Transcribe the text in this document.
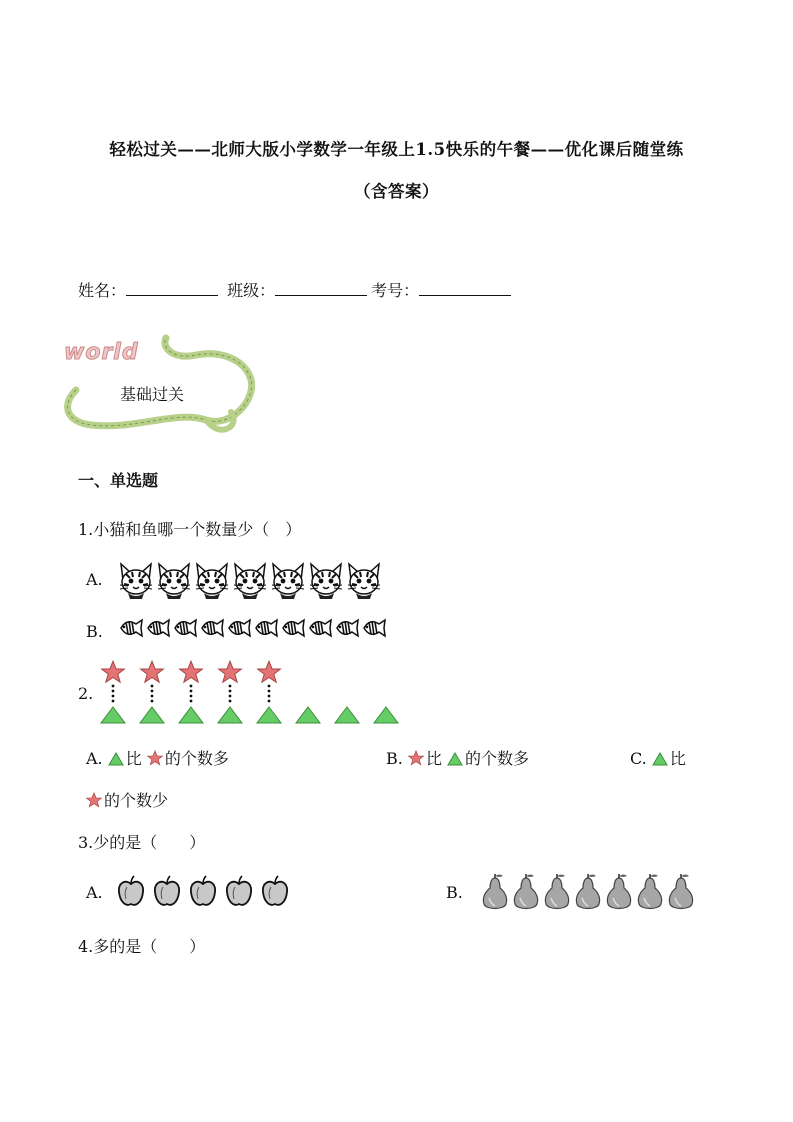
轻松过关——北师大版小学数学一年级上1.5快乐的午餐——优化课后随堂练
（含答案）
姓名：	班级：	考号：
world
基础过关
一、单选题
1.小猫和鱼哪一个数量少（　）
A.
B.
2.
A. 比 的个数多	B. 比 的个数多	C. 比
的个数少
3.少的是（　　）
A.	B.
4.多的是（　　）
